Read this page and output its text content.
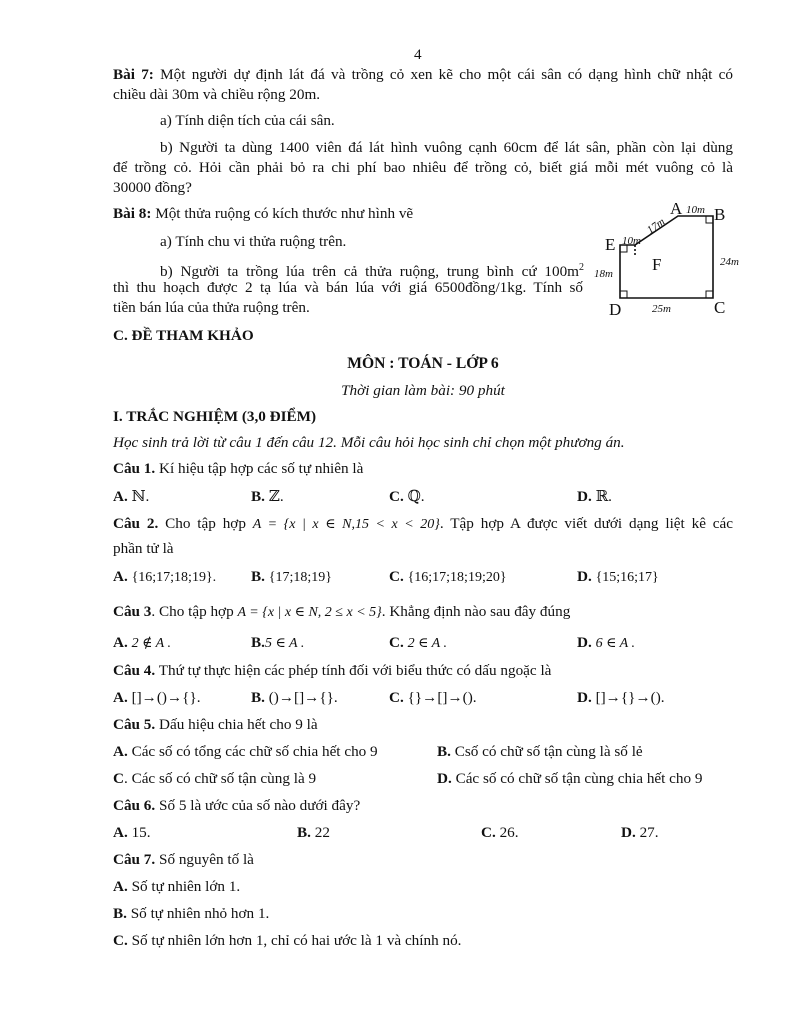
4
Bài 7: Một người dự định lát đá và trồng cỏ xen kẽ cho một cái sân có dạng hình chữ nhật có
chiều dài 30m và chiều rộng 20m.
a) Tính diện tích của cái sân.
b) Người ta dùng 1400 viên đá lát hình vuông cạnh 60cm để lát sân, phần còn lại dùng
để trồng cỏ. Hỏi cần phải bỏ ra chi phí bao nhiêu để trồng cỏ, biết giá mỗi mét vuông cỏ là
30000 đồng?
Bài 8: Một thửa ruộng có kích thước như hình vẽ
a) Tính chu vi thửa ruộng trên.
b) Người ta trồng lúa trên cả thửa ruộng, trung bình cứ $100m^2$
thì thu hoạch được 2 tạ lúa và bán lúa với giá 6500đồng/1kg. Tính số
tiền bán lúa của thửa ruộng trên.
A B
C
D
E
F
10m
17m
10m
24m
18m
25m
C. ĐỀ THAM KHẢO
MÔN : TOÁN - LỚP 6
Thời gian làm bài: 90 phút
I. TRẮC NGHIỆM (3,0 ĐIỂM)
Học sinh trả lời từ câu 1 đến câu 12. Mỗi câu hỏi học sinh chỉ chọn một phương án.
Câu 1. Kí hiệu tập hợp các số tự nhiên là
A. ℕ.	B. ℤ.	C. ℚ.	D. ℝ.
Câu 2. Cho tập hợp A = {x | x ∈ N,15 < x < 20}. Tập hợp A được viết dưới dạng liệt kê các
phần tử là
A. {16;17;18;19}. B. {17;18;19}	C. {16;17;18;19;20}	D. {15;16;17}
Câu 3. Cho tập hợp A = {x | x ∈ N, 2 ≤ x < 5}. Khẳng định nào sau đây đúng
A. 2 ∉ A .	B.5 ∈ A .	C. 2 ∈ A .	D. 6 ∈ A .
Câu 4. Thứ tự thực hiện các phép tính đối với biểu thức có dấu ngoặc là
A. []→()→{}.	B. ()→[]→{}.	C. {}→[]→().	D. []→{}→().
Câu 5. Dấu hiệu chia hết cho 9 là
A. Các số có tổng các chữ số chia hết cho 9	B. Csố có chữ số tận cùng là số lẻ
C. Các số có chữ số tận cùng là 9	D. Các số có chữ số tận cùng chia hết cho 9
Câu 6. Số 5 là ước của số nào dưới đây?
A. 15.	B. 22	C. 26.	D. 27.
Câu 7. Số nguyên tố là
A. Số tự nhiên lớn 1.
B. Số tự nhiên nhỏ hơn 1.
C. Số tự nhiên lớn hơn 1, chỉ có hai ước là 1 và chính nó.
